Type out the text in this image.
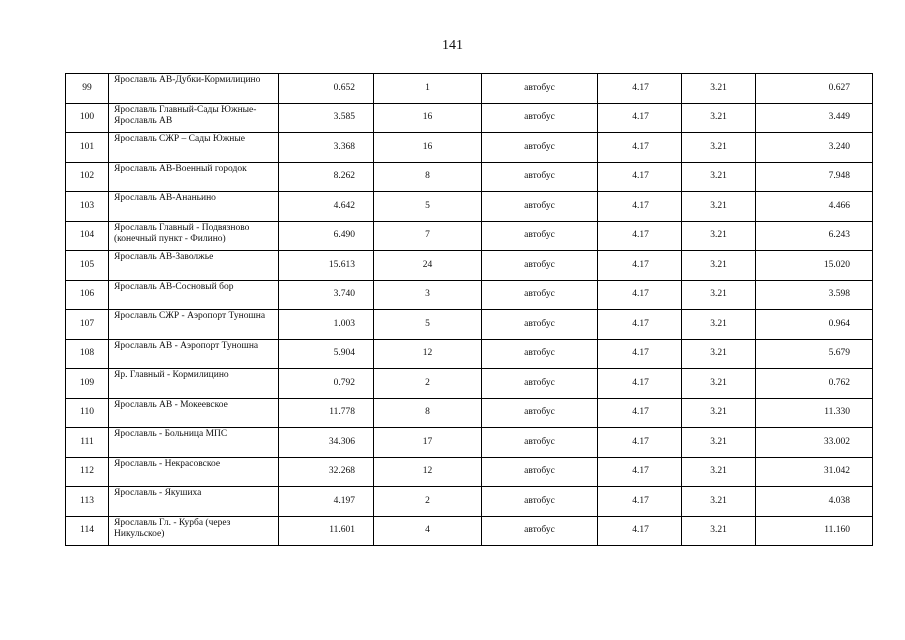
141
99	Ярославль АВ-Дубки-Кормилицино	0.652	1	автобус	4.17	3.21	0.627
100	Ярославль Главный-Сады Южные-Ярославль АВ	3.585	16	автобус	4.17	3.21	3.449
101	Ярославль СЖР – Сады Южные	3.368	16	автобус	4.17	3.21	3.240
102	Ярославль АВ-Военный городок	8.262	8	автобус	4.17	3.21	7.948
103	Ярославль АВ-Ананьино	4.642	5	автобус	4.17	3.21	4.466
104	Ярославль Главный - Подвязново (конечный пункт - Филино)	6.490	7	автобус	4.17	3.21	6.243
105	Ярославль АВ-Заволжье	15.613	24	автобус	4.17	3.21	15.020
106	Ярославль АВ-Сосновый бор	3.740	3	автобус	4.17	3.21	3.598
107	Ярославль СЖР - Аэропорт Туношна	1.003	5	автобус	4.17	3.21	0.964
108	Ярославль АВ - Аэропорт Туношна	5.904	12	автобус	4.17	3.21	5.679
109	Яр. Главный - Кормилицино	0.792	2	автобус	4.17	3.21	0.762
110	Ярославль АВ - Мокеевское	11.778	8	автобус	4.17	3.21	11.330
111	Ярославль - Больница МПС	34.306	17	автобус	4.17	3.21	33.002
112	Ярославль - Некрасовское	32.268	12	автобус	4.17	3.21	31.042
113	Ярославль - Якушиха	4.197	2	автобус	4.17	3.21	4.038
114	Ярославль Гл. - Курба (через Никульское)	11.601	4	автобус	4.17	3.21	11.160
